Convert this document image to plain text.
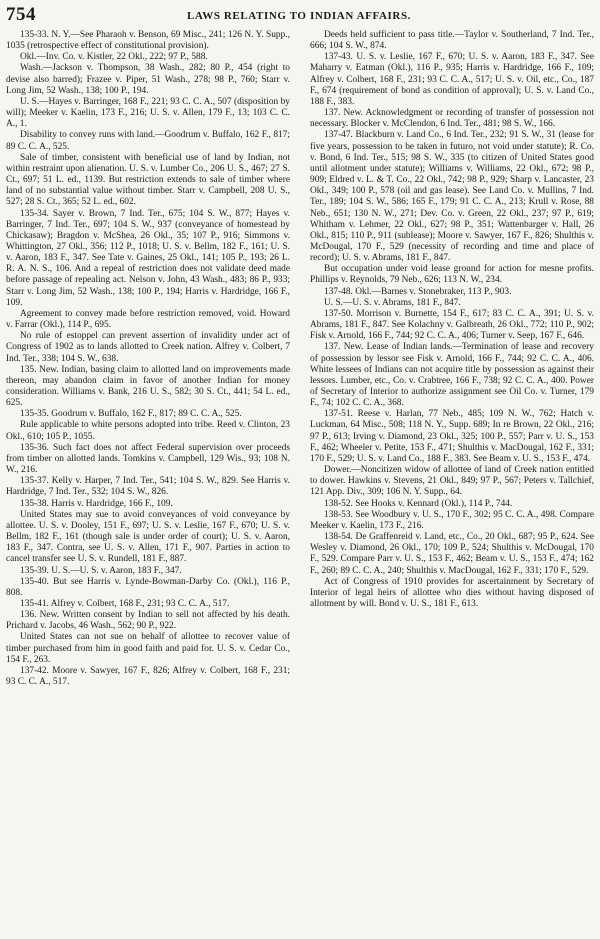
754	LAWS RELATING TO INDIAN AFFAIRS.

135-33. N. Y.—See Pharaoh v. Benson, 69 Misc., 241; 126 N. Y. Supp., 1035 (retrospective effect of constitutional provision).

Okl.—Inv. Co. v. Kistler, 22 Okl., 222; 97 P., 588.

Wash.—Jackson v. Thompson, 38 Wash., 282; 80 P., 454 (right to devise also barred); Frazee v. Piper, 51 Wash., 278; 98 P., 760; Starr v. Long Jim, 52 Wash., 138; 100 P., 194.

U. S.—Hayes v. Barringer, 168 F., 221; 93 C. C. A., 507 (disposition by will); Meeker v. Kaelin, 173 F., 216; U. S. v. Allen, 179 F., 13; 103 C. C. A., 1.

Disability to convey runs with land.—Goodrum v. Buffalo, 162 F., 817; 89 C. C. A., 525.

Sale of timber, consistent with beneficial use of land by Indian, not within restraint upon alienation. U. S. v. Lumber Co., 206 U. S., 467; 27 S. Ct., 697; 51 L. ed., 1139. But restriction extends to sale of timber where land of no substantial value without timber. Starr v. Campbell, 208 U. S., 527; 28 S. Ct., 365; 52 L. ed., 602.

135-34. Sayer v. Brown, 7 Ind. Ter., 675; 104 S. W., 877; Hayes v. Barringer, 7 Ind. Ter., 697; 104 S. W., 937 (conveyance of homestead by Chickasaw); Bragdon v. McShea, 26 Okl., 35; 107 P., 916; Simmons v. Whittington, 27 Okl., 356; 112 P., 1018; U. S. v. Bellm, 182 F., 161; U. S. v. Aaron, 183 F., 347. See Tate v. Gaines, 25 Okl., 141; 105 P., 193; 26 L. R. A. N. S., 106. And a repeal of restriction does not validate deed made before passage of repealing act. Nelson v. John, 43 Wash., 483; 86 P., 933; Starr v. Long Jim, 52 Wash., 138; 100 P., 194; Harris v. Hardridge, 166 F., 109.

Agreement to convey made before restriction removed, void. Howard v. Farrar (Okl.), 114 P., 695.

No rule of estoppel can prevent assertion of invalidity under act of Congress of 1902 as to lands allotted to Creek nation. Alfrey v. Colbert, 7 Ind. Ter., 338; 104 S. W., 638.

135. New. Indian, basing claim to allotted land on improvements made thereon, may abandon claim in favor of another Indian for money consideration. Williams v. Bank, 216 U. S., 582; 30 S. Ct., 441; 54 L. ed., 625.

135-35. Goodrum v. Buffalo, 162 F., 817; 89 C. C. A., 525.

Rule applicable to white persons adopted into tribe. Reed v. Clinton, 23 Okl., 610; 105 P., 1055.

135-36. Such fact does not affect Federal supervision over proceeds from timber on allotted lands. Tomkins v. Campbell, 129 Wis., 93; 108 N. W., 216.

135-37. Kelly v. Harper, 7 Ind. Ter., 541; 104 S. W., 829. See Harris v. Hardridge, 7 Ind. Ter., 532; 104 S. W., 826.

135-38. Harris v. Hardridge, 166 F., 109.

United States may sue to avoid conveyances of void conveyance by allottee. U. S. v. Dooley, 151 F., 697; U. S. v. Leslie, 167 F., 670; U. S. v. Bellm, 182 F., 161 (though sale is under order of court); U. S. v. Aaron, 183 F., 347. Contra, see U. S. v. Allen, 171 F., 907. Parties in action to cancel transfer see U. S. v. Rundell, 181 F., 887.

135-39. U. S.—U. S. v. Aaron, 183 F., 347.

135-40. But see Harris v. Lynde-Bowman-Darby Co. (Okl.), 116 P., 808.

135-41. Alfrey v. Colbert, 168 F., 231; 93 C. C. A., 517.

136. New. Written consent by Indian to sell not affected by his death. Prichard v. Jacobs, 46 Wash., 562; 90 P., 922.

United States can not sue on behalf of allottee to recover value of timber purchased from him in good faith and paid for. U. S. v. Cedar Co., 154 F., 263.

137-42. Moore v. Sawyer, 167 F., 826; Alfrey v. Colbert, 168 F., 231; 93 C. C. A., 517.

Deeds held sufficient to pass title.—Taylor v. Southerland, 7 Ind. Ter., 666; 104 S. W., 874.

137-43. U. S. v. Leslie, 167 F., 670; U. S. v. Aaron, 183 F., 347. See Maharry v. Eatman (Okl.), 116 P., 935; Harris v. Hardridge, 166 F., 109; Alfrey v. Colbert, 168 F., 231; 93 C. C. A., 517; U. S. v. Oil, etc., Co., 187 F., 674 (requirement of bond as condition of approval); U. S. v. Land Co., 188 F., 383.

137. New. Acknowledgment or recording of transfer of possession not necessary. Blocker v. McClendon, 6 Ind. Ter., 481; 98 S. W., 166.

137-47. Blackburn v. Land Co., 6 Ind. Ter., 232; 91 S. W., 31 (lease for five years, possession to be taken in futuro, not void under statute); R. Co. v. Bond, 6 Ind. Ter., 515; 98 S. W., 335 (to citizen of United States good until allotment under statute); Williams v. Williams, 22 Okl., 672; 98 P., 909; Eldred v. L. & T. Co., 22 Okl., 742; 98 P., 929; Sharp v. Lancaster, 23 Okl., 349; 100 P., 578 (oil and gas lease). See Land Co. v. Mullins, 7 Ind. Ter., 189; 104 S. W., 586; 165 F., 179; 91 C. C. A., 213; Krull v. Rose, 88 Neb., 651; 130 N. W., 271; Dev. Co. v. Green, 22 Okl., 237; 97 P., 619; Whitham v. Lehmer, 22 Okl., 627; 98 P., 351; Wattenbarger v. Hall, 26 Okl., 815; 110 P., 911 (sublease); Moore v. Sawyer, 167 F., 826; Shulthis v. McDougal, 170 F., 529 (necessity of recording and time and place of record); U. S. v. Abrams, 181 F., 847.

But occupation under void lease ground for action for mesne profits. Phillips v. Reynolds, 79 Neb., 626; 113 N. W., 234.

137-48. Okl.—Barnes v. Stonebraker, 113 P., 903.

U. S.—U. S. v. Abrams, 181 F., 847.

137-50. Morrison v. Burnette, 154 F., 617; 83 C. C. A., 391; U. S. v. Abrams, 181 F., 847. See Kolachny v. Galbreath, 26 Okl., 772; 110 P., 902; Fisk v. Arnold, 166 F., 744; 92 C. C. A., 406; Turner v. Seep, 167 F., 646.

137. New. Lease of Indian lands.—Termination of lease and recovery of possession by lessor see Fisk v. Arnold, 166 F., 744; 92 C. C. A., 406. White lessees of Indians can not acquire title by possession as against their lessors. Lumber, etc., Co. v. Crabtree, 166 F., 738; 92 C. C. A., 400. Power of Secretary of Interior to authorize assignment see Oil Co. v. Turner, 179 F., 74; 102 C. C. A., 368.

137-51. Reese v. Harlan, 77 Neb., 485; 109 N. W., 762; Hatch v. Luckman, 64 Misc., 508; 118 N. Y., Supp. 689; In re Brown, 22 Okl., 216; 97 P., 613; Irving v. Diamond, 23 Okl., 325; 100 P., 557; Parr v. U. S., 153 F., 462; Wheeler v. Petite, 153 F., 471; Shulthis v. MacDougal, 162 F., 331; 170 F., 529; U. S. v. Land Co., 188 F., 383. See Beam v. U. S., 153 F., 474.

Dower.—Noncitizen widow of allottee of land of Creek nation entitled to dower. Hawkins v. Stevens, 21 Okl., 849; 97 P., 567; Peters v. Tallchief, 121 App. Div., 309; 106 N. Y. Supp., 64.

138-52. See Hooks v. Kennard (Okl.), 114 P., 744.

138-53. See Woodbury v. U. S., 170 F., 302; 95 C. C. A., 498. Compare Meeker v. Kaelin, 173 F., 216.

138-54. De Graffenreid v. Land, etc., Co., 20 Okl., 687; 95 P., 624. See Wesley v. Diamond, 26 Okl., 170; 109 P., 524; Shulthis v. McDougal, 170 F., 529. Compare Parr v. U. S., 153 F., 462; Beam v. U. S., 153 F., 474; 162 F., 260; 89 C. C. A., 240; Shulthis v. MacDougal, 162 F., 331; 170 F., 529.

Act of Congress of 1910 provides for ascertainment by Secretary of Interior of legal heirs of allottee who dies without having disposed of allotment by will. Bond v. U. S., 181 F., 613.
